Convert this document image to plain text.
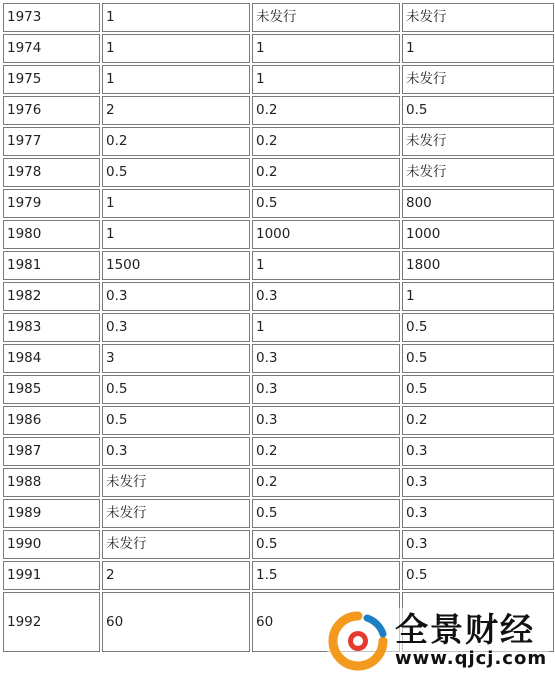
1973	1	未发行	未发行
1974	1	1	1
1975	1	1	未发行
1976	2	0.2	0.5
1977	0.2	0.2	未发行
1978	0.5	0.2	未发行
1979	1	0.5	800
1980	1	1000	1000
1981	1500	1	1800
1982	0.3	0.3	1
1983	0.3	1	0.5
1984	3	0.3	0.5
1985	0.5	0.3	0.5
1986	0.5	0.3	0.2
1987	0.3	0.2	0.3
1988	未发行	0.2	0.3
1989	未发行	0.5	0.3
1990	未发行	0.5	0.3
1991	2	1.5	0.5
1992	60	60		全景财经
www.qjcj.com
